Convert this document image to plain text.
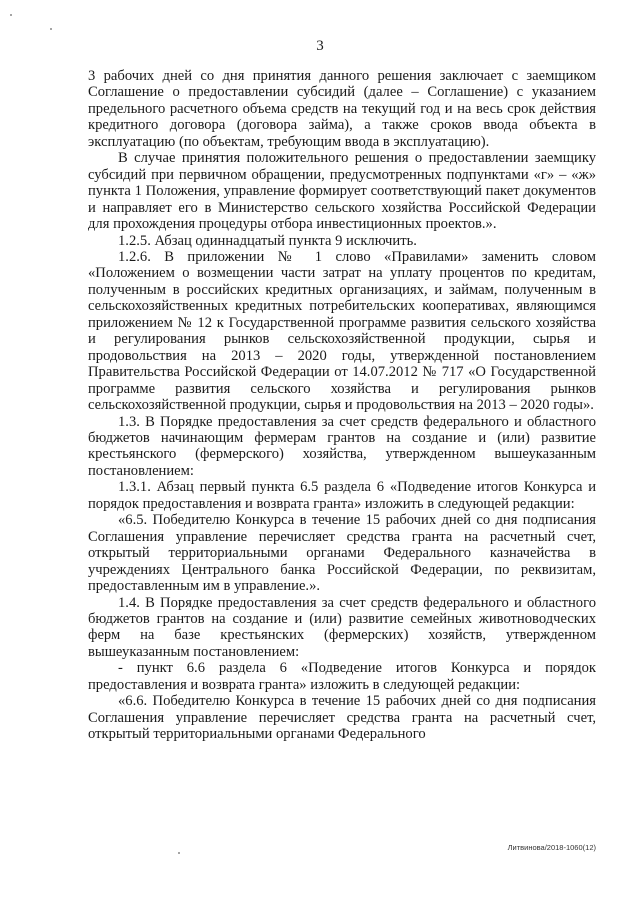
3

3 рабочих дней со дня принятия данного решения заключает с заемщиком Соглашение о предоставлении субсидий (далее – Соглашение) с указанием предельного расчетного объема средств на текущий год и на весь срок действия кредитного договора (договора займа), а также сроков ввода объекта в эксплуатацию (по объектам, требующим ввода в эксплуатацию).

В случае принятия положительного решения о предоставлении заемщику субсидий при первичном обращении, предусмотренных подпунктами «г» – «ж» пункта 1 Положения, управление формирует соответствующий пакет документов и направляет его в Министерство сельского хозяйства Российской Федерации для прохождения процедуры отбора инвестиционных проектов.».

1.2.5. Абзац одиннадцатый пункта 9 исключить.

1.2.6. В приложении № 1 слово «Правилами» заменить словом «Положением о возмещении части затрат на уплату процентов по кредитам, полученным в российских кредитных организациях, и займам, полученным в сельскохозяйственных кредитных потребительских кооперативах, являющимся приложением № 12 к Государственной программе развития сельского хозяйства и регулирования рынков сельскохозяйственной продукции, сырья и продовольствия на 2013 – 2020 годы, утвержденной постановлением Правительства Российской Федерации от 14.07.2012 № 717 «О Государственной программе развития сельского хозяйства и регулирования рынков сельскохозяйственной продукции, сырья и продовольствия на 2013 – 2020 годы».

1.3. В Порядке предоставления за счет средств федерального и областного бюджетов начинающим фермерам грантов на создание и (или) развитие крестьянского (фермерского) хозяйства, утвержденном вышеуказанным постановлением:

1.3.1. Абзац первый пункта 6.5 раздела 6 «Подведение итогов Конкурса и порядок предоставления и возврата гранта» изложить в следующей редакции:

«6.5. Победителю Конкурса в течение 15 рабочих дней со дня подписания Соглашения управление перечисляет средства гранта на расчетный счет, открытый территориальными органами Федерального казначейства в учреждениях Центрального банка Российской Федерации, по реквизитам, предоставленным им в управление.».

1.4. В Порядке предоставления за счет средств федерального и областного бюджетов грантов на создание и (или) развитие семейных животноводческих ферм на базе крестьянских (фермерских) хозяйств, утвержденном вышеуказанным постановлением:

- пункт 6.6 раздела 6 «Подведение итогов Конкурса и порядок предоставления и возврата гранта» изложить в следующей редакции:

«6.6. Победителю Конкурса в течение 15 рабочих дней со дня подписания Соглашения управление перечисляет средства гранта на расчетный счет, открытый территориальными органами Федерального

Литвинова/2018-1060(12)
